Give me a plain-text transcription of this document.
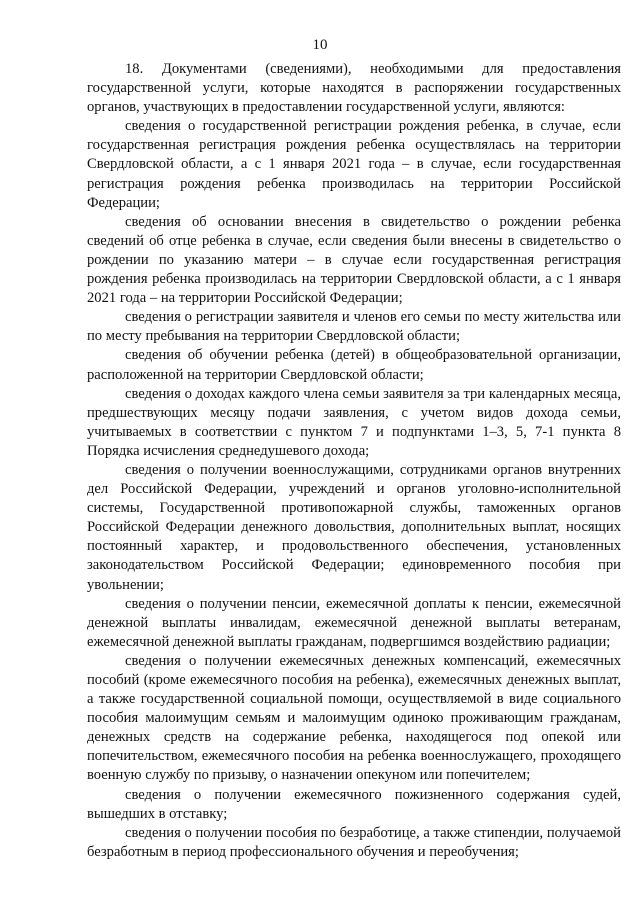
10

18. Документами (сведениями), необходимыми для предоставления государственной услуги, которые находятся в распоряжении государственных органов, участвующих в предоставлении государственной услуги, являются:

сведения о государственной регистрации рождения ребенка, в случае, если государственная регистрация рождения ребенка осуществлялась на территории Свердловской области, а с 1 января 2021 года – в случае, если государственная регистрация рождения ребенка производилась на территории Российской Федерации;

сведения об основании внесения в свидетельство о рождении ребенка сведений об отце ребенка в случае, если сведения были внесены в свидетельство о рождении по указанию матери – в случае если государственная регистрация рождения ребенка производилась на территории Свердловской области, а с 1 января 2021 года – на территории Российской Федерации;

сведения о регистрации заявителя и членов его семьи по месту жительства или по месту пребывания на территории Свердловской области;

сведения об обучении ребенка (детей) в общеобразовательной организации, расположенной на территории Свердловской области;

сведения о доходах каждого члена семьи заявителя за три календарных месяца, предшествующих месяцу подачи заявления, с учетом видов дохода семьи, учитываемых в соответствии с пунктом 7 и подпунктами 1–3, 5, 7-1 пункта 8 Порядка исчисления среднедушевого дохода;

сведения о получении военнослужащими, сотрудниками органов внутренних дел Российской Федерации, учреждений и органов уголовно-исполнительной системы, Государственной противопожарной службы, таможенных органов Российской Федерации денежного довольствия, дополнительных выплат, носящих постоянный характер, и продовольственного обеспечения, установленных законодательством Российской Федерации; единовременного пособия при увольнении;

сведения о получении пенсии, ежемесячной доплаты к пенсии, ежемесячной денежной выплаты инвалидам, ежемесячной денежной выплаты ветеранам, ежемесячной денежной выплаты гражданам, подвергшимся воздействию радиации;

сведения о получении ежемесячных денежных компенсаций, ежемесячных пособий (кроме ежемесячного пособия на ребенка), ежемесячных денежных выплат, а также государственной социальной помощи, осуществляемой в виде социального пособия малоимущим семьям и малоимущим одиноко проживающим гражданам, денежных средств на содержание ребенка, находящегося под опекой или попечительством, ежемесячного пособия на ребенка военнослужащего, проходящего военную службу по призыву, о назначении опекуном или попечителем;

сведения о получении ежемесячного пожизненного содержания судей, вышедших в отставку;

сведения о получении пособия по безработице, а также стипендии, получаемой безработным в период профессионального обучения и переобучения;
